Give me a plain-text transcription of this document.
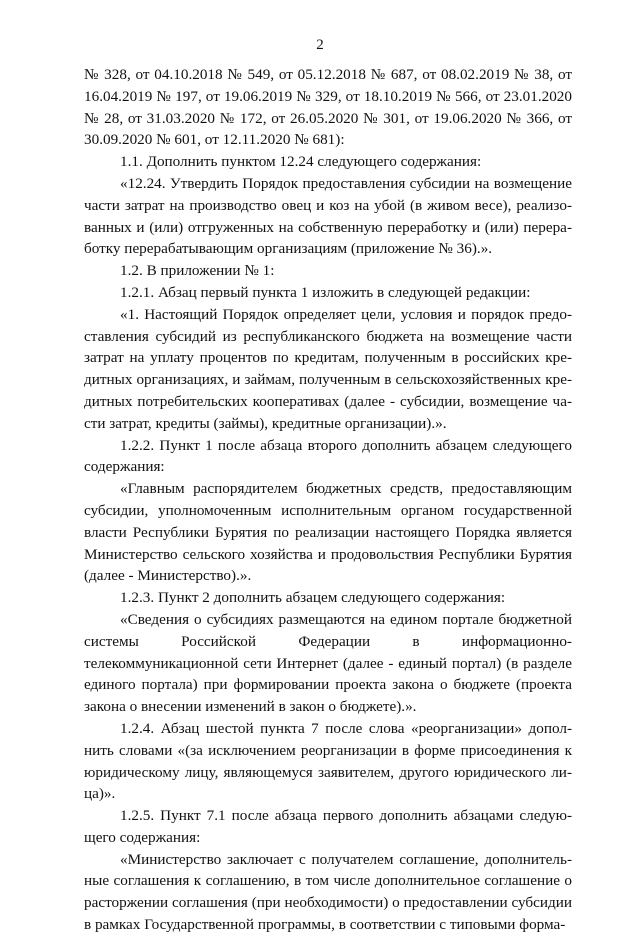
2

№ 328, от 04.10.2018 № 549, от 05.12.2018 № 687, от 08.02.2019 № 38, от 16.04.2019 № 197, от 19.06.2019 № 329, от 18.10.2019 № 566, от 23.01.2020 № 28, от 31.03.2020 № 172, от 26.05.2020 № 301, от 19.06.2020 № 366, от 30.09.2020 № 601, от 12.11.2020 № 681):

1.1. Дополнить пунктом 12.24 следующего содержания:

«12.24. Утвердить Порядок предоставления субсидии на возмещение части затрат на производство овец и коз на убой (в живом весе), реализованных и (или) отгруженных на собственную переработку и (или) переработку перерабатывающим организациям (приложение № 36).».

1.2. В приложении № 1:

1.2.1. Абзац первый пункта 1 изложить в следующей редакции:

«1. Настоящий Порядок определяет цели, условия и порядок предоставления субсидий из республиканского бюджета на возмещение части затрат на уплату процентов по кредитам, полученным в российских кредитных организациях, и займам, полученным в сельскохозяйственных кредитных потребительских кооперативах (далее - субсидии, возмещение части затрат, кредиты (займы), кредитные организации).».

1.2.2. Пункт 1 после абзаца второго дополнить абзацем следующего содержания:

«Главным распорядителем бюджетных средств, предоставляющим субсидии, уполномоченным исполнительным органом государственной власти Республики Бурятия по реализации настоящего Порядка является Министерство сельского хозяйства и продовольствия Республики Бурятия (далее - Министерство).».

1.2.3. Пункт 2 дополнить абзацем следующего содержания:

«Сведения о субсидиях размещаются на едином портале бюджетной системы Российской Федерации в информационно-телекоммуникационной сети Интернет (далее - единый портал) (в разделе единого портала) при формировании проекта закона о бюджете (проекта закона о внесении изменений в закон о бюджете).».

1.2.4. Абзац шестой пункта 7 после слова «реорганизации» дополнить словами «(за исключением реорганизации в форме присоединения к юридическому лицу, являющемуся заявителем, другого юридического лица)».

1.2.5. Пункт 7.1 после абзаца первого дополнить абзацами следующего содержания:

«Министерство заключает с получателем соглашение, дополнительные соглашения к соглашению, в том числе дополнительное соглашение о расторжении соглашения (при необходимости) о предоставлении субсидии в рамках Государственной программы, в соответствии с типовыми форма-
